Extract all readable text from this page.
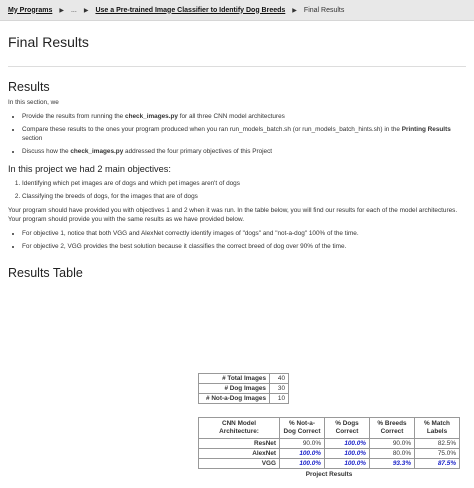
My Programs ▶ ... ▶ Use a Pre-trained Image Classifier to Identify Dog Breeds ▶ Final Results
Final Results
Results

In this section, we

• Provide the results from running the check_images.py for all three CNN model architectures
• Compare these results to the ones your program produced when you ran run_models_batch.sh (or run_models_batch_hints.sh) in the Printing Results section
• Discuss how the check_images.py addressed the four primary objectives of this Project
In this project we had 2 main objectives:
1. Identifying which pet images are of dogs and which pet images aren't of dogs
2. Classifying the breeds of dogs, for the images that are of dogs

Your program should have provided you with objectives 1 and 2 when it was run. In the table below, you will find our results for each of the model architectures. Your program should provide you with the same results as we have provided below.

• For objective 1, notice that both VGG and AlexNet correctly identify images of "dogs" and "not-a-dog" 100% of the time.
• For objective 2, VGG provides the best solution because it classifies the correct breed of dog over 90% of the time.
Results Table
# Total Images	40
# Dog Images	30
# Not-a-Dog Images	10
CNN Model Architecture:	% Not-a-Dog Correct	% Dogs Correct	% Breeds Correct	% Match Labels
ResNet	90.0%	100.0%	90.0%	82.5%
AlexNet	100.0%	100.0%	80.0%	75.0%
VGG	100.0%	100.0%	93.3%	87.5%
Project Results
